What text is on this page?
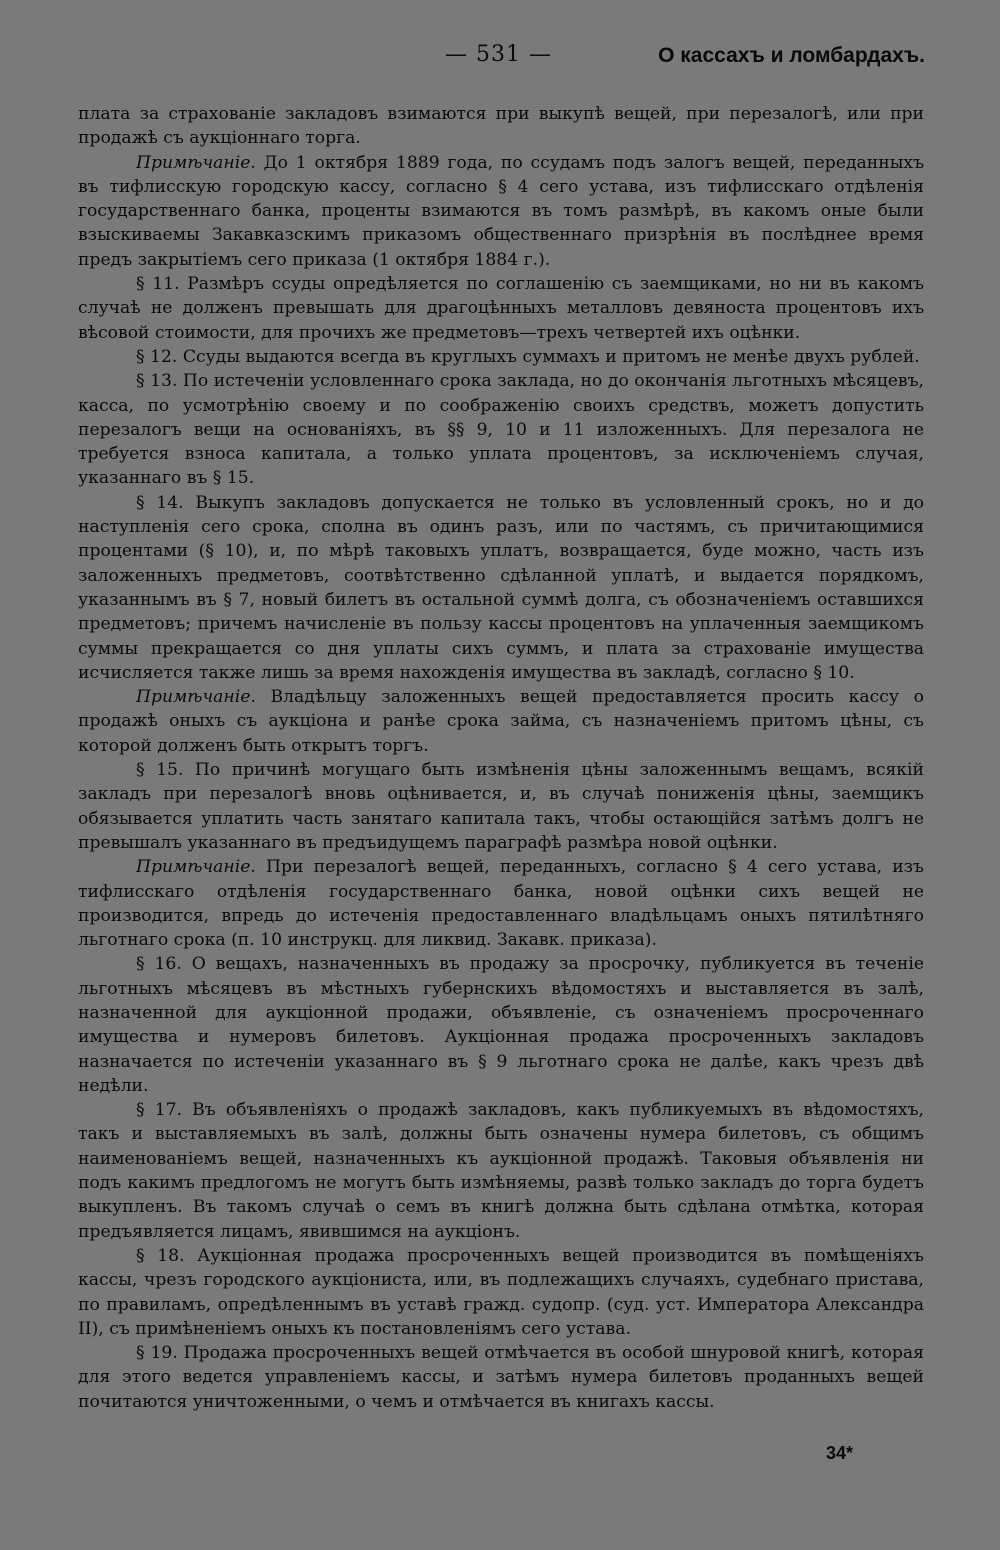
— 531 —	О кассахъ и ломбардахъ.

плата за страхованіе закладовъ взимаются при выкупѣ вещей, при перезалогѣ, или при продажѣ съ аукціоннаго торга.

Примѣчаніе. До 1 октября 1889 года, по ссудамъ подъ залогъ вещей, переданныхъ въ тифлисскую городскую кассу, согласно § 4 сего устава, изъ тифлисскаго отдѣленія государственнаго банка, проценты взимаются въ томъ размѣрѣ, въ какомъ оные были взыскиваемы Закавказскимъ приказомъ общественнаго призрѣнія въ послѣднее время предъ закрытіемъ сего приказа (1 октября 1884 г.).

§ 11. Размѣръ ссуды опредѣляется по соглашенію съ заемщиками, но ни въ какомъ случаѣ не долженъ превышать для драгоцѣнныхъ металловъ девяноста процентовъ ихъ вѣсовой стоимости, для прочихъ же предметовъ—трехъ четвертей ихъ оцѣнки.

§ 12. Ссуды выдаются всегда въ круглыхъ суммахъ и притомъ не менѣе двухъ рублей.

§ 13. По истеченіи условленнаго срока заклада, но до окончанія льготныхъ мѣсяцевъ, касса, по усмотрѣнію своему и по соображенію своихъ средствъ, можетъ допустить перезалогъ вещи на основаніяхъ, въ §§ 9, 10 и 11 изложенныхъ. Для перезалога не требуется взноса капитала, а только уплата процентовъ, за исключеніемъ случая, указаннаго въ § 15.

§ 14. Выкупъ закладовъ допускается не только въ условленный срокъ, но и до наступленія сего срока, сполна въ одинъ разъ, или по частямъ, съ причитающимися процентами (§ 10), и, по мѣрѣ таковыхъ уплатъ, возвращается, буде можно, часть изъ заложенныхъ предметовъ, соотвѣтственно сдѣланной уплатѣ, и выдается порядкомъ, указаннымъ въ § 7, новый билетъ въ остальной суммѣ долга, съ обозначеніемъ оставшихся предметовъ; причемъ начисленіе въ пользу кассы процентовъ на уплаченныя заемщикомъ суммы прекращается со дня уплаты сихъ суммъ, и плата за страхованіе имущества исчисляется также лишь за время нахожденія имущества въ закладѣ, согласно § 10.

Примѣчаніе. Владѣльцу заложенныхъ вещей предоставляется просить кассу о продажѣ оныхъ съ аукціона и ранѣе срока займа, съ назначеніемъ притомъ цѣны, съ которой долженъ быть открытъ торгъ.

§ 15. По причинѣ могущаго быть измѣненія цѣны заложеннымъ вещамъ, всякій закладъ при перезалогѣ вновь оцѣнивается, и, въ случаѣ пониженія цѣны, заемщикъ обязывается уплатить часть занятаго капитала такъ, чтобы остающійся затѣмъ долгъ не превышалъ указаннаго въ предъидущемъ параграфѣ размѣра новой оцѣнки.

Примѣчаніе. При перезалогѣ вещей, переданныхъ, согласно § 4 сего устава, изъ тифлисскаго отдѣленія государственнаго банка, новой оцѣнки сихъ вещей не производится, впредь до истеченія предоставленнаго владѣльцамъ оныхъ пятилѣтняго льготнаго срока (п. 10 инструкц. для ликвид. Закавк. приказа).

§ 16. О вещахъ, назначенныхъ въ продажу за просрочку, публикуется въ теченіе льготныхъ мѣсяцевъ въ мѣстныхъ губернскихъ вѣдомостяхъ и выставляется въ залѣ, назначенной для аукціонной продажи, объявленіе, съ означеніемъ просроченнаго имущества и нумеровъ билетовъ. Аукціонная продажа просроченныхъ закладовъ назначается по истеченіи указаннаго въ § 9 льготнаго срока не далѣе, какъ чрезъ двѣ недѣли.

§ 17. Въ объявленіяхъ о продажѣ закладовъ, какъ публикуемыхъ въ вѣдомостяхъ, такъ и выставляемыхъ въ залѣ, должны быть означены нумера билетовъ, съ общимъ наименованіемъ вещей, назначенныхъ къ аукціонной продажѣ. Таковыя объявленія ни подъ какимъ предлогомъ не могутъ быть измѣняемы, развѣ только закладъ до торга будетъ выкупленъ. Въ такомъ случаѣ о семъ въ книгѣ должна быть сдѣлана отмѣтка, которая предъявляется лицамъ, явившимся на аукціонъ.

§ 18. Аукціонная продажа просроченныхъ вещей производится въ помѣщеніяхъ кассы, чрезъ городского аукціониста, или, въ подлежащихъ случаяхъ, судебнаго пристава, по правиламъ, опредѣленнымъ въ уставѣ гражд. судопр. (суд. уст. Императора Александра II), съ примѣненіемъ оныхъ къ постановленіямъ сего устава.

§ 19. Продажа просроченныхъ вещей отмѣчается въ особой шнуровой книгѣ, которая для этого ведется управленіемъ кассы, и затѣмъ нумера билетовъ проданныхъ вещей почитаются уничтоженными, о чемъ и отмѣчается въ книгахъ кассы.

34*
